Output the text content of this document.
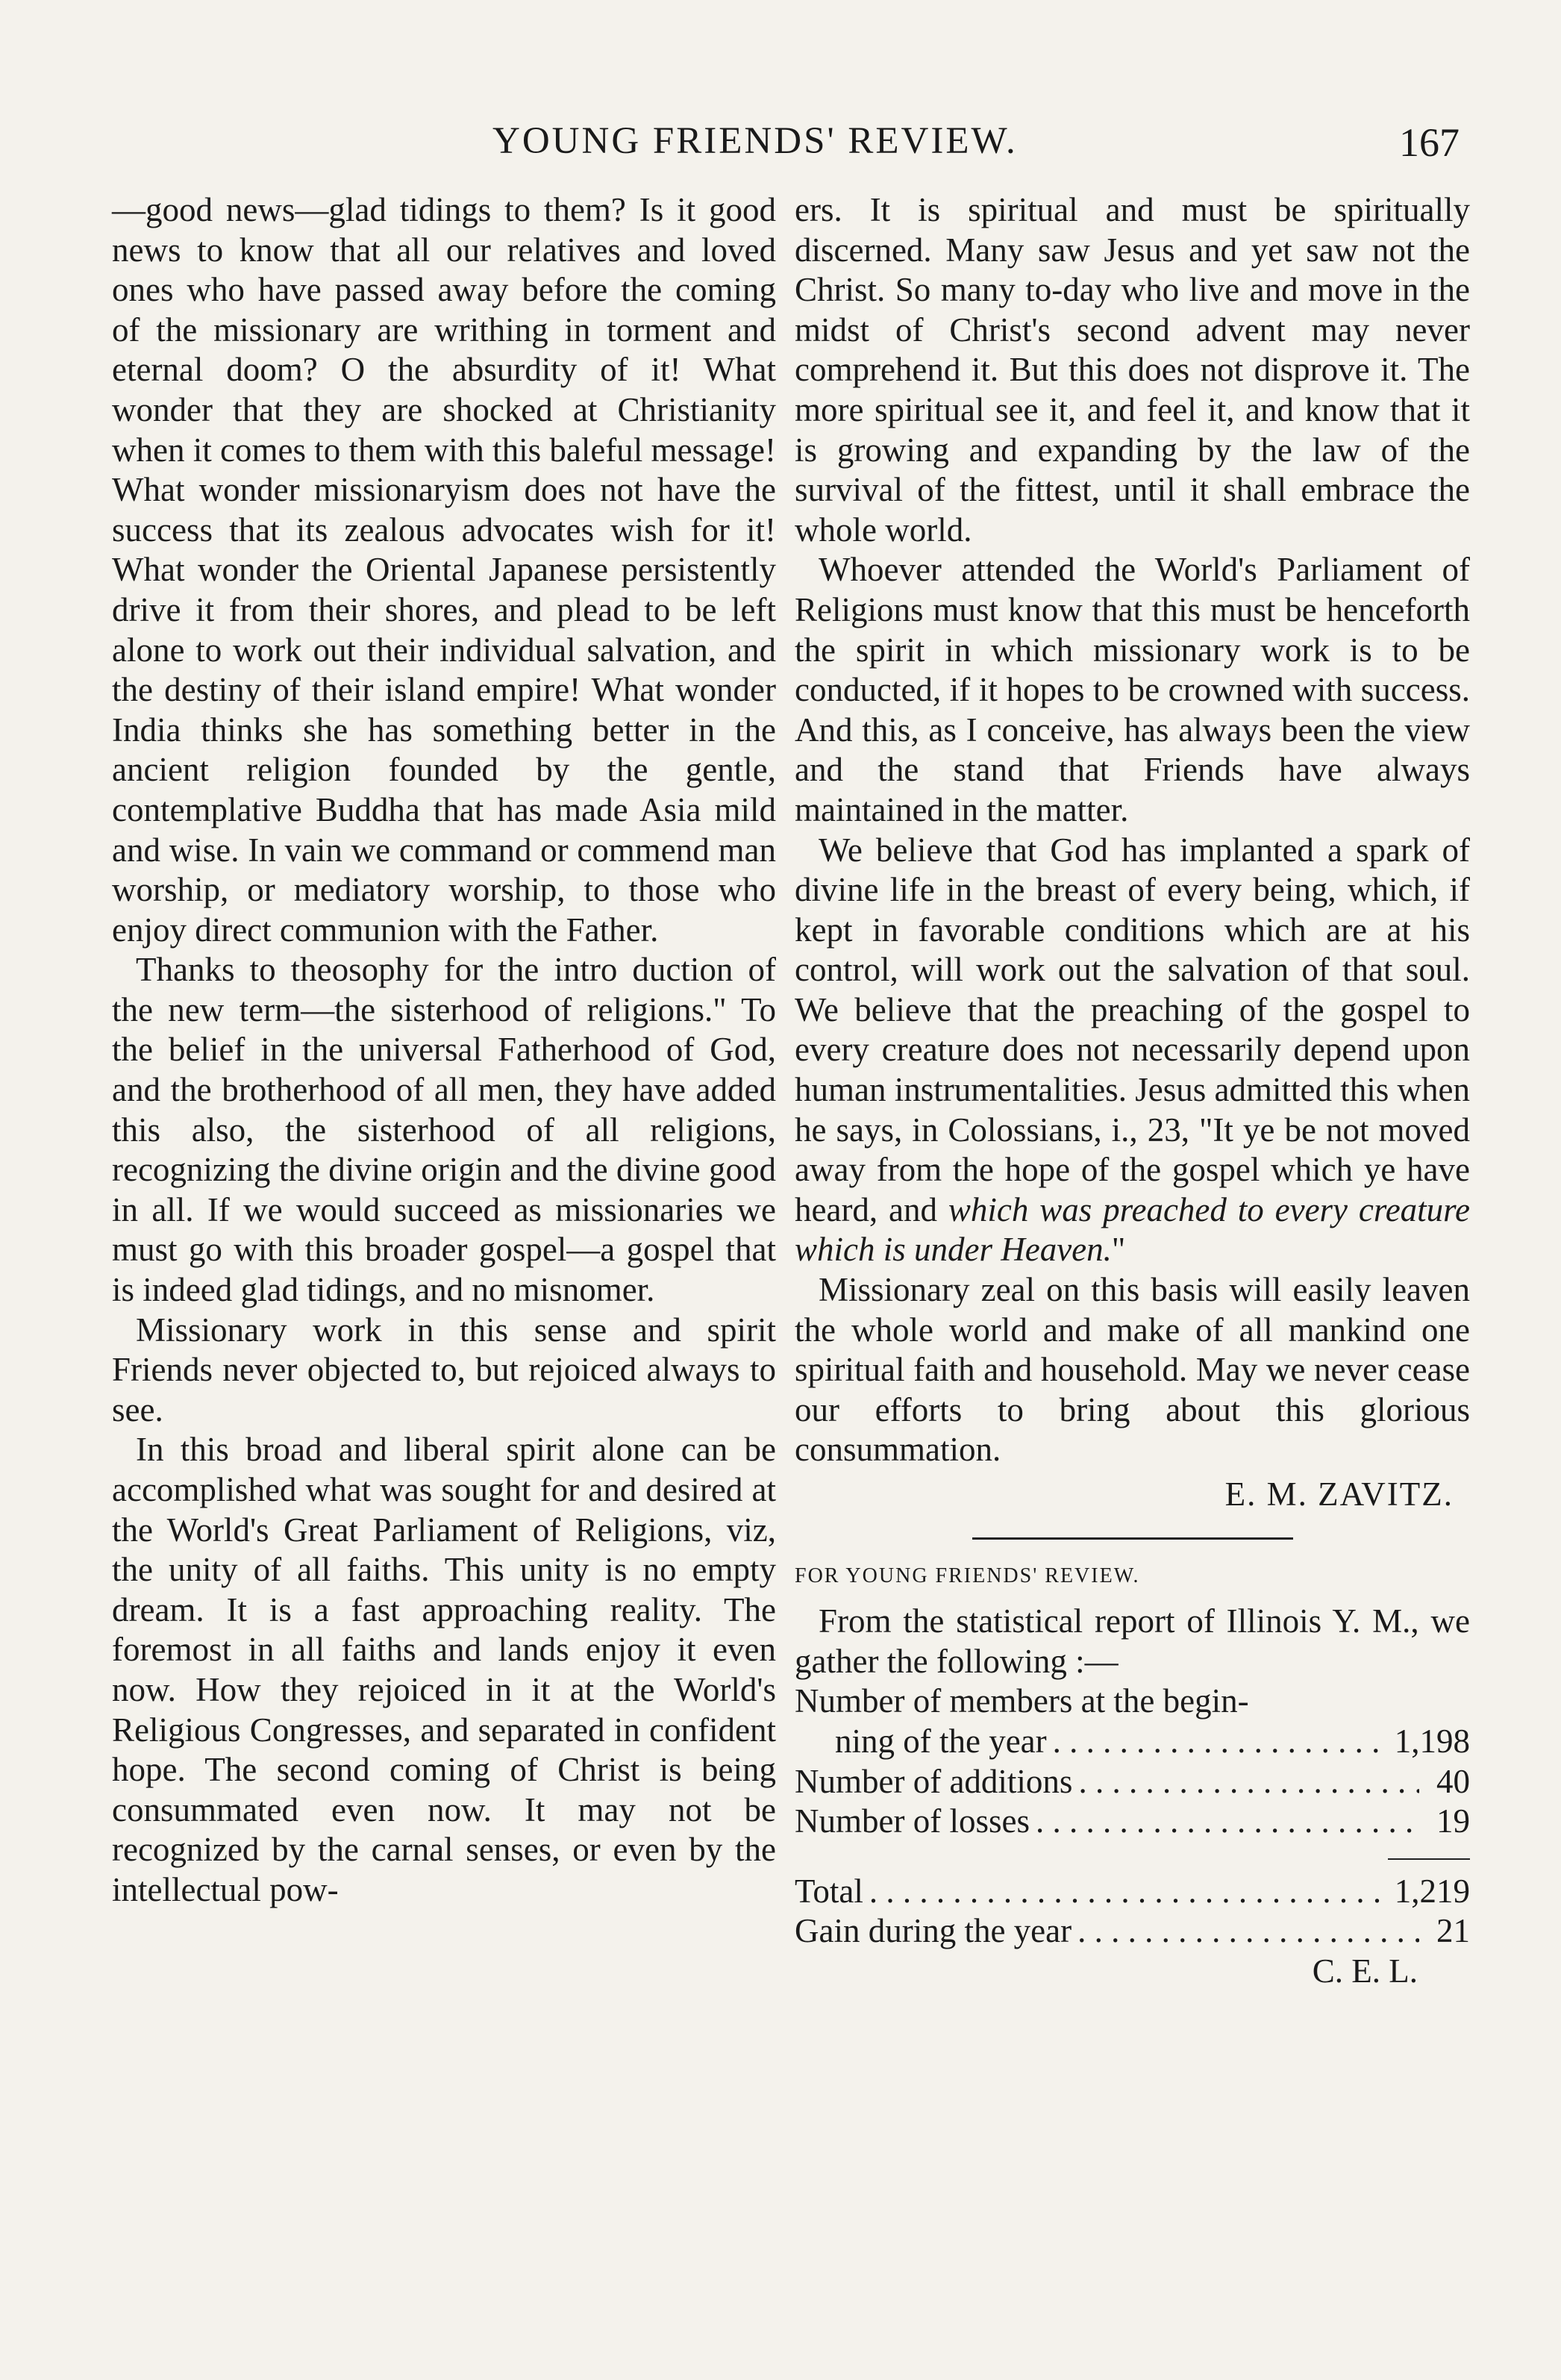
YOUNG FRIENDS' REVIEW.	167

—good news—glad tidings to them? Is it good news to know that all our relatives and loved ones who have passed away before the coming of the missionary are writhing in torment and eternal doom? O the absurdity of it! What wonder that they are shocked at Christianity when it comes to them with this baleful message! What wonder missionaryism does not have the success that its zealous advocates wish for it! What wonder the Oriental Japanese persistently drive it from their shores, and plead to be left alone to work out their individual salvation, and the destiny of their island empire! What wonder India thinks she has something better in the ancient religion founded by the gentle, contemplative Buddha that has made Asia mild and wise. In vain we command or commend man worship, or mediatory worship, to those who enjoy direct communion with the Father.

Thanks to theosophy for the intro duction of the new term—the sisterhood of religions." To the belief in the universal Fatherhood of God, and the brotherhood of all men, they have added this also, the sisterhood of all religions, recognizing the divine origin and the divine good in all. If we would succeed as missionaries we must go with this broader gospel—a gospel that is indeed glad tidings, and no misnomer.

Missionary work in this sense and spirit Friends never objected to, but rejoiced always to see.

In this broad and liberal spirit alone can be accomplished what was sought for and desired at the World's Great Parliament of Religions, viz, the unity of all faiths. This unity is no empty dream. It is a fast approaching reality. The foremost in all faiths and lands enjoy it even now. How they rejoiced in it at the World's Religious Congresses, and separated in confident hope. The second coming of Christ is being consummated even now. It may not be recognized by the carnal senses, or even by the intellectual pow-

ers. It is spiritual and must be spiritually discerned. Many saw Jesus and yet saw not the Christ. So many to-day who live and move in the midst of Christ's second advent may never comprehend it. But this does not disprove it. The more spiritual see it, and feel it, and know that it is growing and expanding by the law of the survival of the fittest, until it shall embrace the whole world.

Whoever attended the World's Parliament of Religions must know that this must be henceforth the spirit in which missionary work is to be conducted, if it hopes to be crowned with success. And this, as I conceive, has always been the view and the stand that Friends have always maintained in the matter.

We believe that God has implanted a spark of divine life in the breast of every being, which, if kept in favorable conditions which are at his control, will work out the salvation of that soul. We believe that the preaching of the gospel to every creature does not necessarily depend upon human instrumentalities. Jesus admitted this when he says, in Colossians, i., 23, "It ye be not moved away from the hope of the gospel which ye have heard, and which was preached to every creature which is under Heaven."

Missionary zeal on this basis will easily leaven the whole world and make of all mankind one spiritual faith and household. May we never cease our efforts to bring about this glorious consummation.

E. M. ZAVITZ.

FOR YOUNG FRIENDS' REVIEW.

From the statistical report of Illinois Y. M., we gather the following :—

Number of members at the begin-
ning of the year . . .	1,198
Number of additions . . .	40
Number of losses . . .	19
Total . . .	1,219
Gain during the year . . .	21

C. E. L.
